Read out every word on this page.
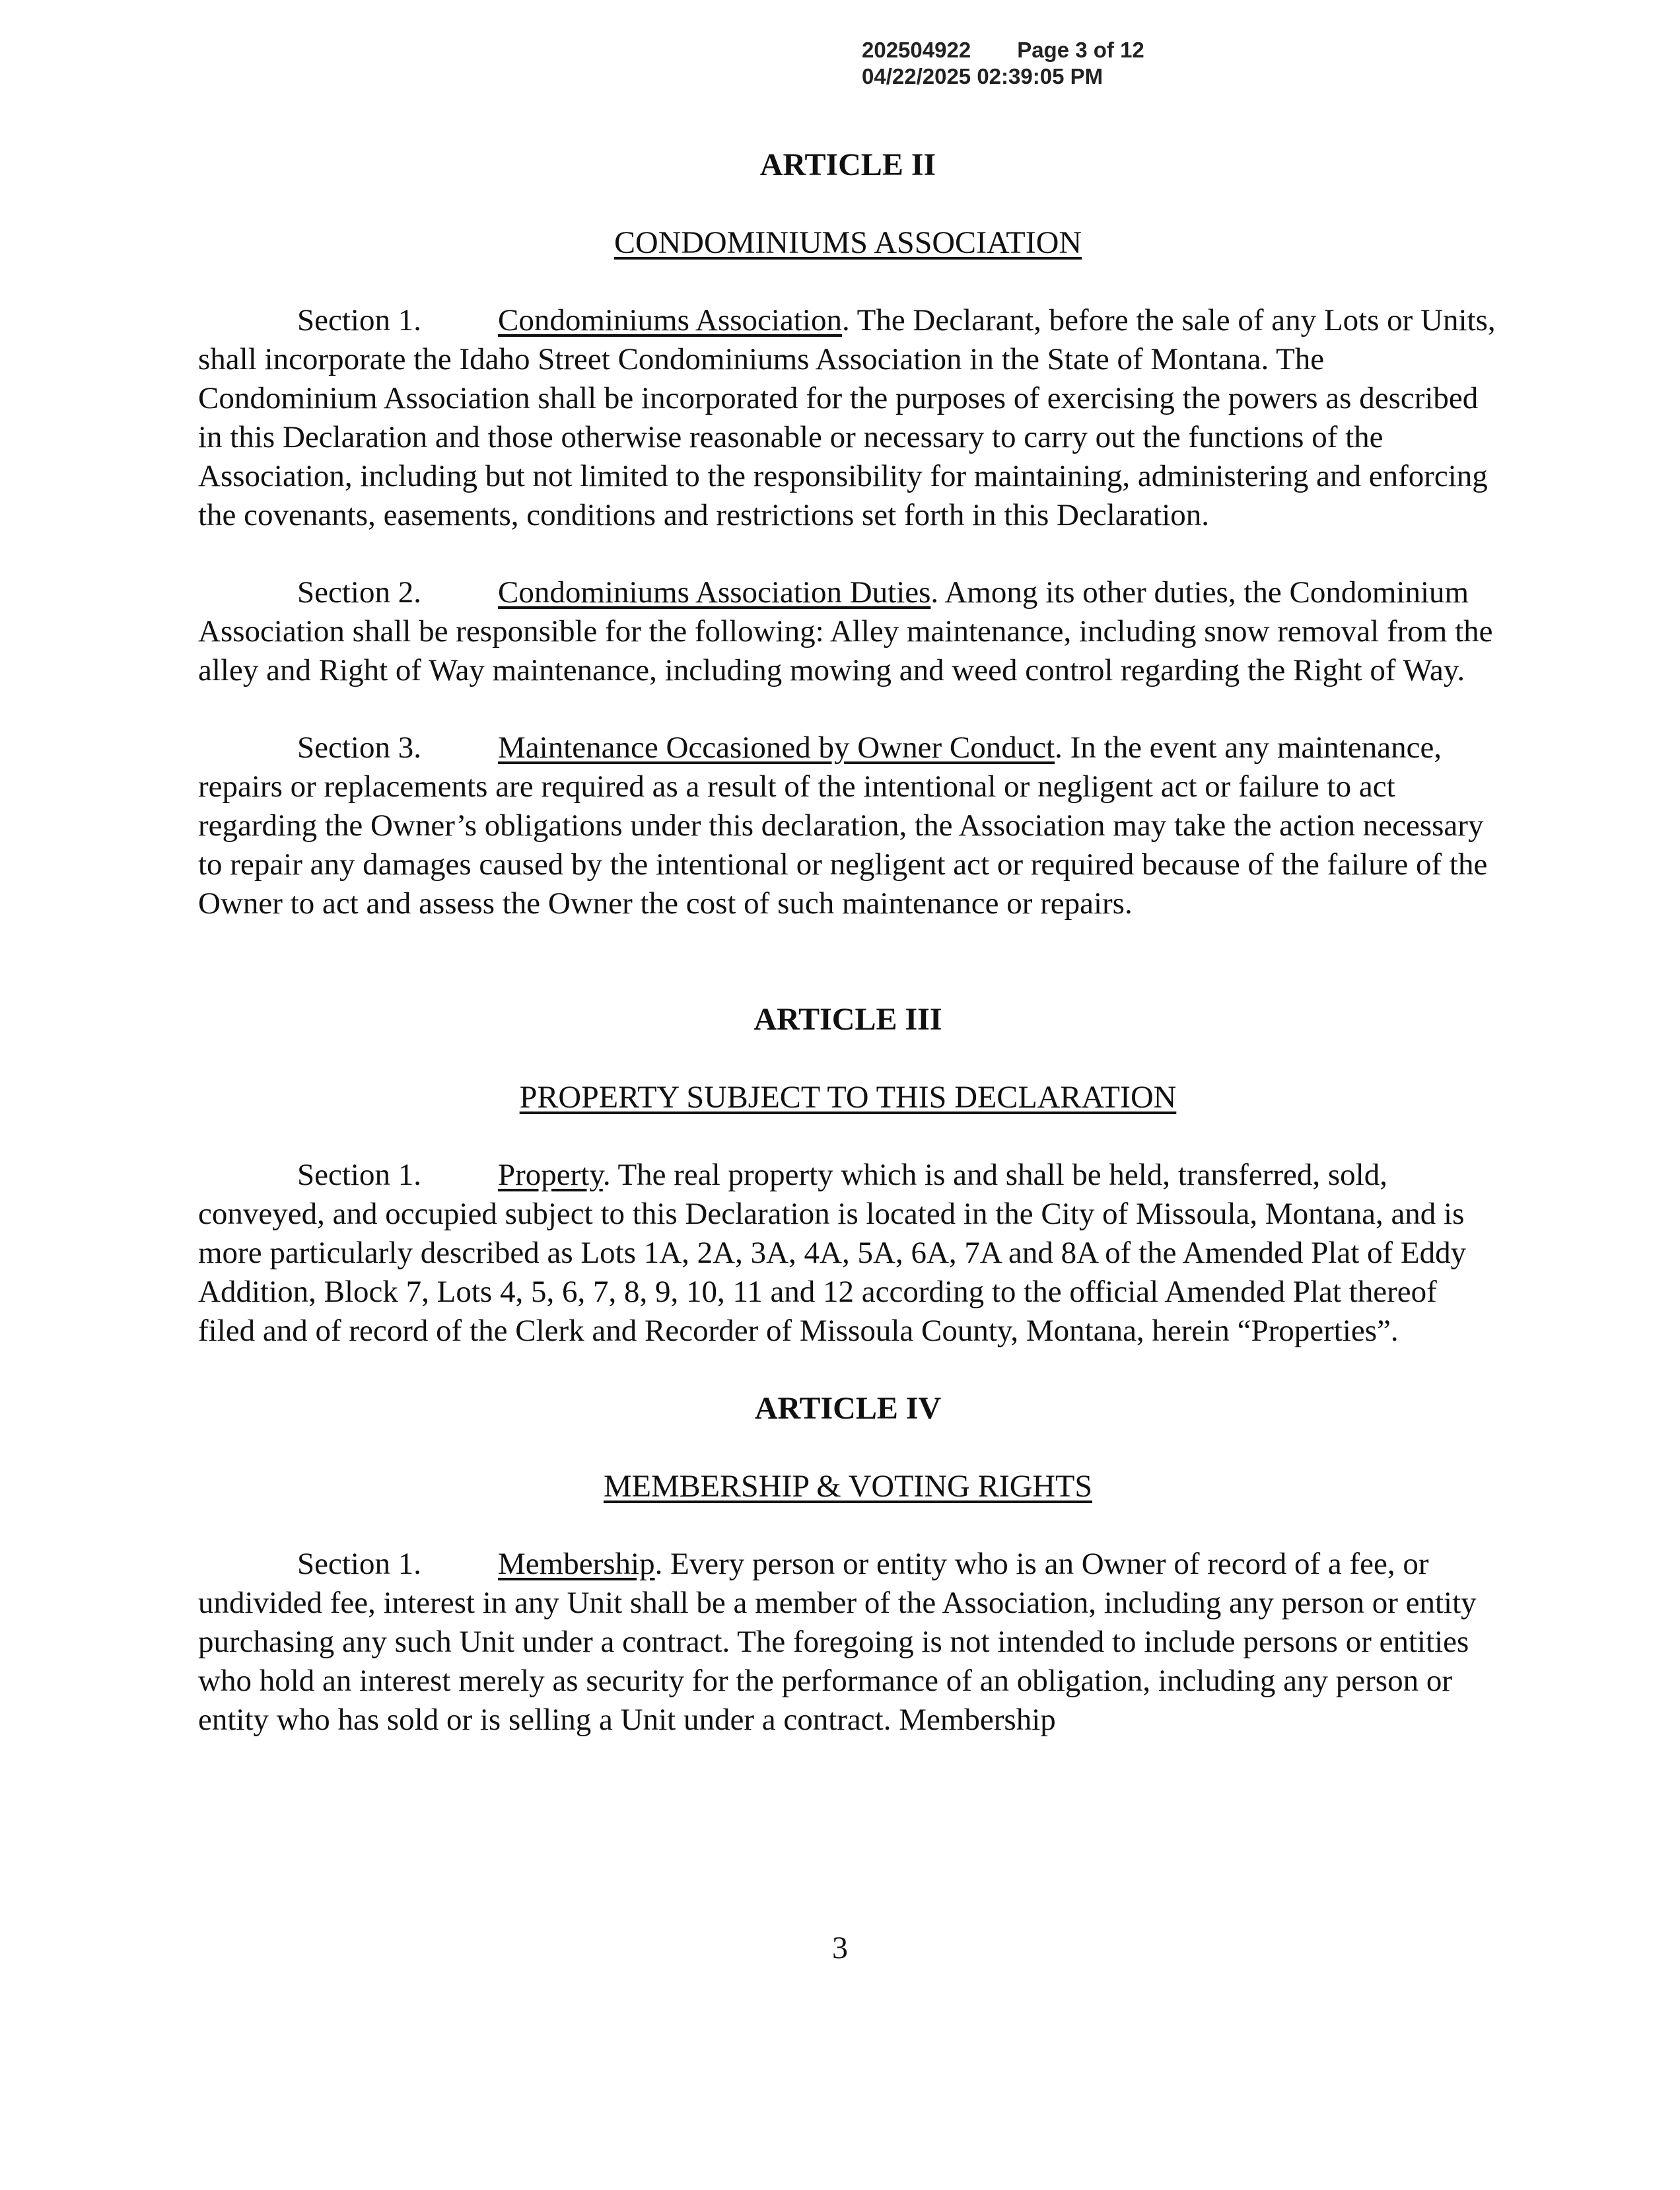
202504922 Page 3 of 12
04/22/2025 02:39:05 PM
ARTICLE II
CONDOMINIUMS ASSOCIATION

Section 1. Condominiums Association. The Declarant, before the sale of any Lots or Units, shall incorporate the Idaho Street Condominiums Association in the State of Montana. The Condominium Association shall be incorporated for the purposes of exercising the powers as described in this Declaration and those otherwise reasonable or necessary to carry out the functions of the Association, including but not limited to the responsibility for maintaining, administering and enforcing the covenants, easements, conditions and restrictions set forth in this Declaration.

Section 2. Condominiums Association Duties. Among its other duties, the Condominium Association shall be responsible for the following: Alley maintenance, including snow removal from the alley and Right of Way maintenance, including mowing and weed control regarding the Right of Way.

Section 3. Maintenance Occasioned by Owner Conduct. In the event any maintenance, repairs or replacements are required as a result of the intentional or negligent act or failure to act regarding the Owner’s obligations under this declaration, the Association may take the action necessary to repair any damages caused by the intentional or negligent act or required because of the failure of the Owner to act and assess the Owner the cost of such maintenance or repairs.

ARTICLE III
PROPERTY SUBJECT TO THIS DECLARATION

Section 1. Property. The real property which is and shall be held, transferred, sold, conveyed, and occupied subject to this Declaration is located in the City of Missoula, Montana, and is more particularly described as Lots 1A, 2A, 3A, 4A, 5A, 6A, 7A and 8A of the Amended Plat of Eddy Addition, Block 7, Lots 4, 5, 6, 7, 8, 9, 10, 11 and 12 according to the official Amended Plat thereof filed and of record of the Clerk and Recorder of Missoula County, Montana, herein “Properties”.

ARTICLE IV
MEMBERSHIP & VOTING RIGHTS

Section 1. Membership. Every person or entity who is an Owner of record of a fee, or undivided fee, interest in any Unit shall be a member of the Association, including any person or entity purchasing any such Unit under a contract. The foregoing is not intended to include persons or entities who hold an interest merely as security for the performance of an obligation, including any person or entity who has sold or is selling a Unit under a contract. Membership

3
